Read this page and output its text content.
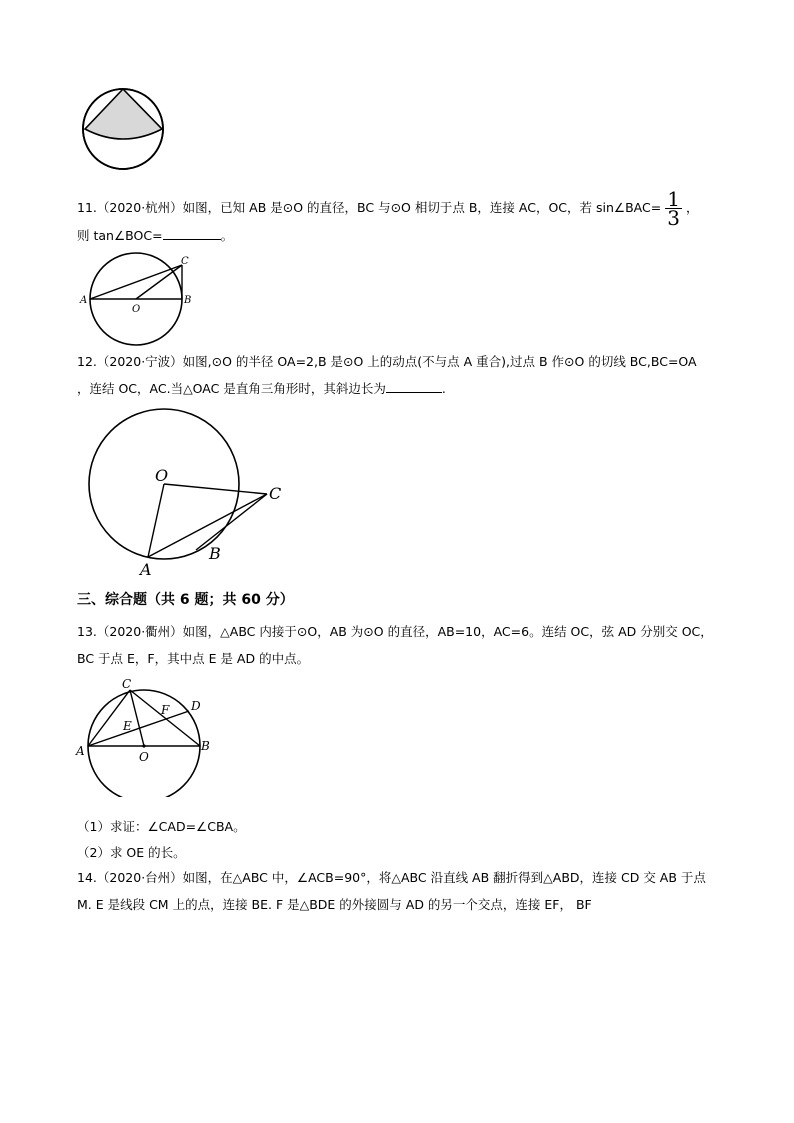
11.（2020·杭州）如图，已知 AB 是⊙O 的直径，BC 与⊙O 相切于点 B，连接 AC，OC，若 sin∠BAC= $\frac{1}{3}$ ，
则 tan∠BOC=	。
A	B
C
O
12.（2020·宁波）如图,⊙O 的半径 OA=2,B 是⊙O 上的动点(不与点 A 重合),过点 B 作⊙O 的切线 BC,BC=OA
，连结 OC，AC.当△OAC 是直角三角形时，其斜边长为	.
O
C
B
A
三、综合题（共 6 题；共 60 分）
13.（2020·衢州）如图，△ABC 内接于⊙O，AB 为⊙O 的直径，AB=10，AC=6。连结 OC，弦 AD 分别交 OC，
BC 于点 E，F，其中点 E 是 AD 的中点。
C
D
F
E
A	B
O
（1）求证：∠CAD=∠CBA。
（2）求 OE 的长。
14.（2020·台州）如图，在△ABC 中，∠ACB=90°，将△ABC 沿直线 AB 翻折得到△ABD，连接 CD 交 AB 于点
M. E 是线段 CM 上的点，连接 BE. F 是△BDE 的外接圆与 AD 的另一个交点，连接 EF， BF
